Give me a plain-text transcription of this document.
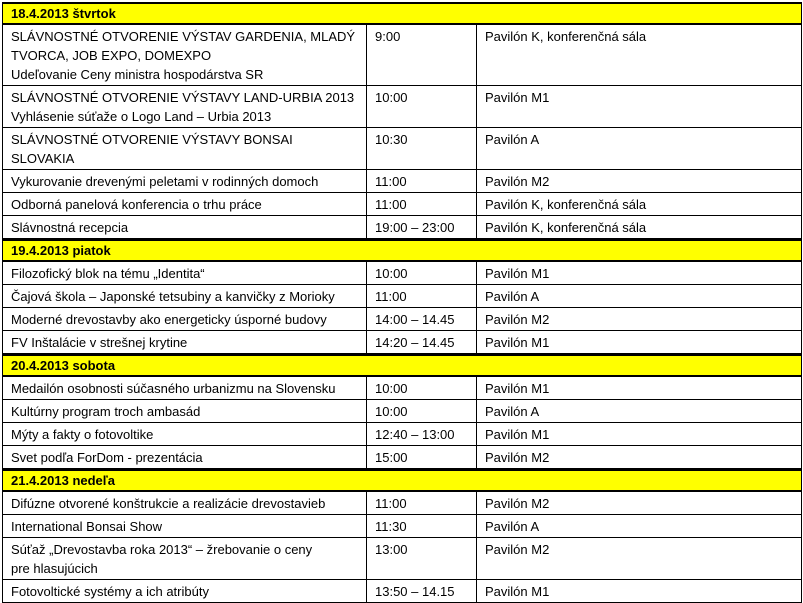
18.4.2013 štvrtok		

SLÁVNOSTNÉ OTVORENIE VÝSTAV GARDENIA, MLADÝ
TVORCA, JOB EXPO, DOMEXPO
Udeľovanie Ceny ministra hospodárstva SR	9:00	Pavilón K, konferenčná sála

SLÁVNOSTNÉ OTVORENIE VÝSTAVY LAND-URBIA 2013
Vyhlásenie súťaže o Logo Land – Urbia 2013	10:00	Pavilón M1

SLÁVNOSTNÉ OTVORENIE VÝSTAVY BONSAI SLOVAKIA	10:30	Pavilón A

Vykurovanie drevenými peletami v rodinných domoch	11:00	Pavilón M2

Odborná panelová konferencia o trhu práce	11:00	Pavilón K, konferenčná sála

Slávnostná recepcia	19:00 – 23:00	Pavilón K, konferenčná sála
19.4.2013 piatok		

Filozofický blok na tému „Identita“	10:00	Pavilón M1

Čajová škola – Japonské tetsubiny a kanvičky z Morioky	11:00	Pavilón A

Moderné drevostavby ako energeticky úsporné budovy	14:00 – 14.45	Pavilón M2

FV Inštalácie v strešnej krytine	14:20 – 14.45	Pavilón M1
20.4.2013 sobota		

Medailón osobnosti súčasného urbanizmu na Slovensku	10:00	Pavilón M1

Kultúrny program troch ambasád	10:00	Pavilón A

Mýty a fakty o fotovoltike	12:40 – 13:00	Pavilón M1

Svet podľa ForDom - prezentácia	15:00	Pavilón M2
21.4.2013 nedeľa		

Difúzne otvorené konštrukcie a realizácie drevostavieb	11:00	Pavilón M2

International Bonsai Show	11:30	Pavilón A

Súťaž „Drevostavba roka 2013“ – žrebovanie o ceny
pre hlasujúcich	13:00	Pavilón M2

Fotovoltické systémy a ich atribúty	13:50 – 14.15	Pavilón M1
